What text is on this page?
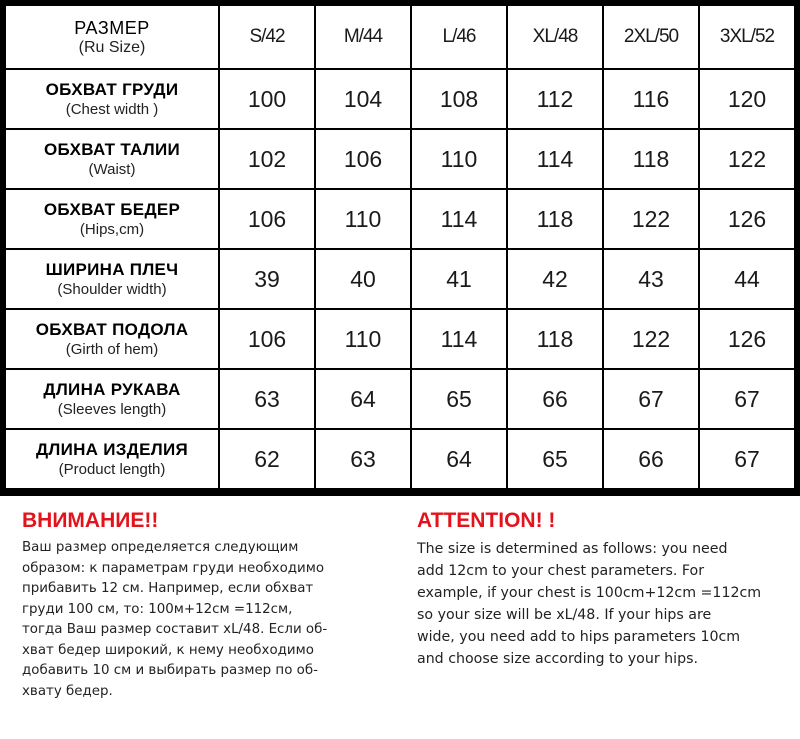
РАЗМЕР
(Ru Size)	S/42	M/44	L/46	XL/48	2XL/50	3XL/52

ОБХВАТ ГРУДИ
(Chest width )	100	104	108	112	116	120

ОБХВАТ ТАЛИИ
(Waist)	102	106	110	114	118	122

ОБХВАТ БЕДЕР
(Hips,cm)	106	110	114	118	122	126

ШИРИНА ПЛЕЧ
(Shoulder width)	39	40	41	42	43	44

ОБХВАТ ПОДОЛА
(Girth of hem)	106	110	114	118	122	126

ДЛИНА РУКАВА
(Sleeves length)	63	64	65	66	67	67

ДЛИНА ИЗДЕЛИЯ
(Product length)	62	63	64	65	66	67

ВНИМАНИЕ!!

Ваш размер определяется следующим
образом: к параметрам груди необходимо
прибавить 12 см. Например, если обхват
груди 100 см, то: 100м+12см =112см,
тогда Ваш размер составит xL/48. Если об-
хват бедер широкий, к нему необходимо
добавить 10 см и выбирать размер по об-
хвату бедер.

ATTENTION! !

The size is determined as follows: you need
add 12cm to your chest parameters. For
example, if your chest is 100cm+12cm =112cm
so your size will be xL/48. If your hips are
wide, you need add to hips parameters 10cm
and choose size according to your hips.
